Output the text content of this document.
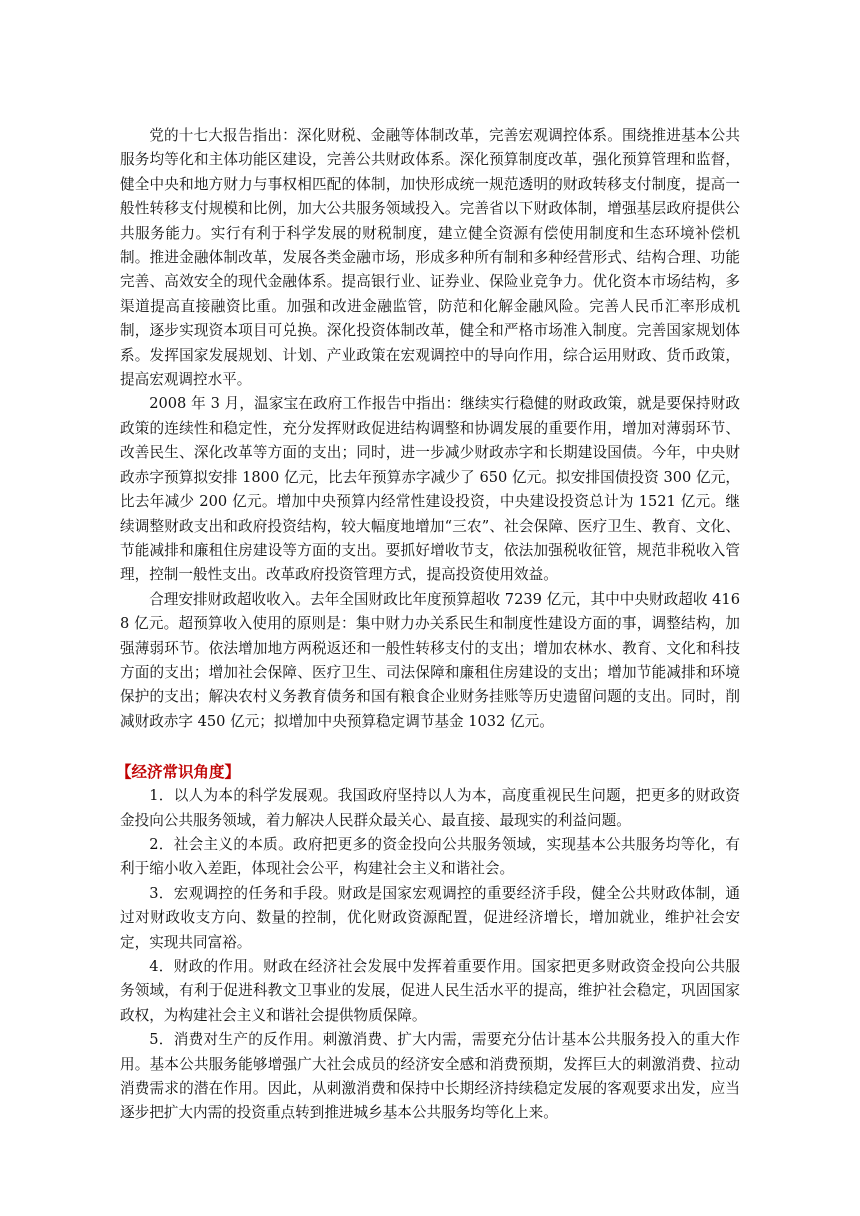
党的十七大报告指出：深化财税、金融等体制改革，完善宏观调控体系。围绕推进基本公共服务均等化和主体功能区建设，完善公共财政体系。深化预算制度改革，强化预算管理和监督，健全中央和地方财力与事权相匹配的体制，加快形成统一规范透明的财政转移支付制度，提高一般性转移支付规模和比例，加大公共服务领域投入。完善省以下财政体制，增强基层政府提供公共服务能力。实行有利于科学发展的财税制度，建立健全资源有偿使用制度和生态环境补偿机制。推进金融体制改革，发展各类金融市场，形成多种所有制和多种经营形式、结构合理、功能完善、高效安全的现代金融体系。提高银行业、证券业、保险业竞争力。优化资本市场结构，多渠道提高直接融资比重。加强和改进金融监管，防范和化解金融风险。完善人民币汇率形成机制，逐步实现资本项目可兑换。深化投资体制改革，健全和严格市场准入制度。完善国家规划体系。发挥国家发展规划、计划、产业政策在宏观调控中的导向作用，综合运用财政、货币政策，提高宏观调控水平。

2008 年 3 月，温家宝在政府工作报告中指出：继续实行稳健的财政政策，就是要保持财政政策的连续性和稳定性，充分发挥财政促进结构调整和协调发展的重要作用，增加对薄弱环节、改善民生、深化改革等方面的支出；同时，进一步减少财政赤字和长期建设国债。今年，中央财政赤字预算拟安排 1800 亿元，比去年预算赤字减少了 650 亿元。拟安排国债投资 300 亿元，比去年减少 200 亿元。增加中央预算内经常性建设投资，中央建设投资总计为 1521 亿元。继续调整财政支出和政府投资结构，较大幅度地增加“三农”、社会保障、医疗卫生、教育、文化、节能减排和廉租住房建设等方面的支出。要抓好增收节支，依法加强税收征管，规范非税收入管理，控制一般性支出。改革政府投资管理方式，提高投资使用效益。

合理安排财政超收收入。去年全国财政比年度预算超收 7239 亿元，其中中央财政超收 4168 亿元。超预算收入使用的原则是：集中财力办关系民生和制度性建设方面的事，调整结构，加强薄弱环节。依法增加地方两税返还和一般性转移支付的支出；增加农林水、教育、文化和科技方面的支出；增加社会保障、医疗卫生、司法保障和廉租住房建设的支出；增加节能减排和环境保护的支出；解决农村义务教育债务和国有粮食企业财务挂账等历史遗留问题的支出。同时，削减财政赤字 450 亿元；拟增加中央预算稳定调节基金 1032 亿元。

【经济常识角度】

1．以人为本的科学发展观。我国政府坚持以人为本，高度重视民生问题，把更多的财政资金投向公共服务领域，着力解决人民群众最关心、最直接、最现实的利益问题。

2．社会主义的本质。政府把更多的资金投向公共服务领域，实现基本公共服务均等化，有利于缩小收入差距，体现社会公平，构建社会主义和谐社会。

3．宏观调控的任务和手段。财政是国家宏观调控的重要经济手段，健全公共财政体制，通过对财政收支方向、数量的控制，优化财政资源配置，促进经济增长，增加就业，维护社会安定，实现共同富裕。

4．财政的作用。财政在经济社会发展中发挥着重要作用。国家把更多财政资金投向公共服务领域，有利于促进科教文卫事业的发展，促进人民生活水平的提高，维护社会稳定，巩固国家政权，为构建社会主义和谐社会提供物质保障。

5．消费对生产的反作用。刺激消费、扩大内需，需要充分估计基本公共服务投入的重大作用。基本公共服务能够增强广大社会成员的经济安全感和消费预期，发挥巨大的刺激消费、拉动消费需求的潜在作用。因此，从刺激消费和保持中长期经济持续稳定发展的客观要求出发，应当逐步把扩大内需的投资重点转到推进城乡基本公共服务均等化上来。
